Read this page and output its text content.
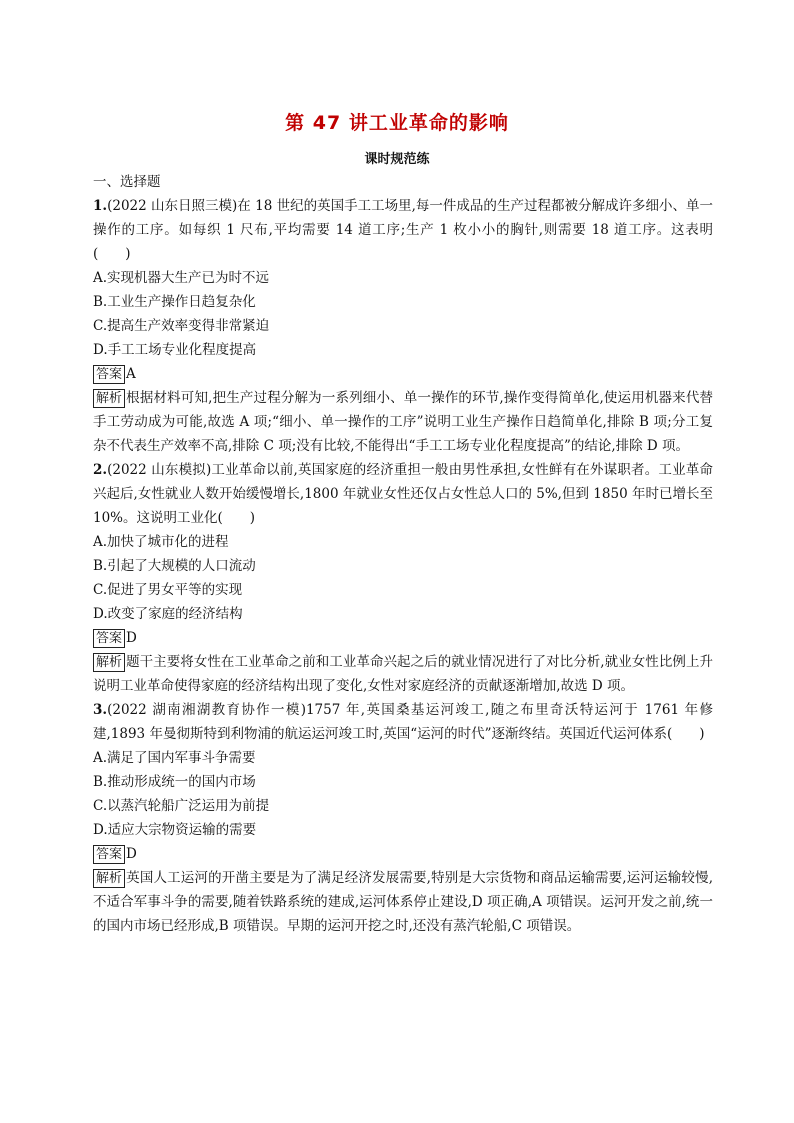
第 47 讲工业革命的影响
课时规范练

一、选择题

1.(2022 山东日照三模)在 18 世纪的英国手工工场里,每一件成品的生产过程都被分解成许多细小、单一操作的工序。如每织 1 尺布,平均需要 14 道工序;生产 1 枚小小的胸针,则需要 18 道工序。这表明(　　)

A.实现机器大生产已为时不远

B.工业生产操作日趋复杂化

C.提高生产效率变得非常紧迫

D.手工工场专业化程度提高

答案 A

解析 根据材料可知,把生产过程分解为一系列细小、单一操作的环节,操作变得简单化,使运用机器来代替手工劳动成为可能,故选 A 项;“细小、单一操作的工序”说明工业生产操作日趋简单化,排除 B 项;分工复杂不代表生产效率不高,排除 C 项;没有比较,不能得出“手工工场专业化程度提高”的结论,排除 D 项。

2.(2022 山东模拟)工业革命以前,英国家庭的经济重担一般由男性承担,女性鲜有在外谋职者。工业革命兴起后,女性就业人数开始缓慢增长,1800 年就业女性还仅占女性总人口的 5%,但到 1850 年时已增长至 10%。这说明工业化(　　)

A.加快了城市化的进程

B.引起了大规模的人口流动

C.促进了男女平等的实现

D.改变了家庭的经济结构

答案 D

解析 题干主要将女性在工业革命之前和工业革命兴起之后的就业情况进行了对比分析,就业女性比例上升说明工业革命使得家庭的经济结构出现了变化,女性对家庭经济的贡献逐渐增加,故选 D 项。

3.(2022 湖南湘湖教育协作一模)1757 年,英国桑基运河竣工,随之布里奇沃特运河于 1761 年修建,1893 年曼彻斯特到利物浦的航运运河竣工时,英国“运河的时代”逐渐终结。英国近代运河体系(　　)

A.满足了国内军事斗争需要

B.推动形成统一的国内市场

C.以蒸汽轮船广泛运用为前提

D.适应大宗物资运输的需要

答案 D

解析 英国人工运河的开凿主要是为了满足经济发展需要,特别是大宗货物和商品运输需要,运河运输较慢,不适合军事斗争的需要,随着铁路系统的建成,运河体系停止建设,D 项正确,A 项错误。运河开发之前,统一的国内市场已经形成,B 项错误。早期的运河开挖之时,还没有蒸汽轮船,C 项错误。
